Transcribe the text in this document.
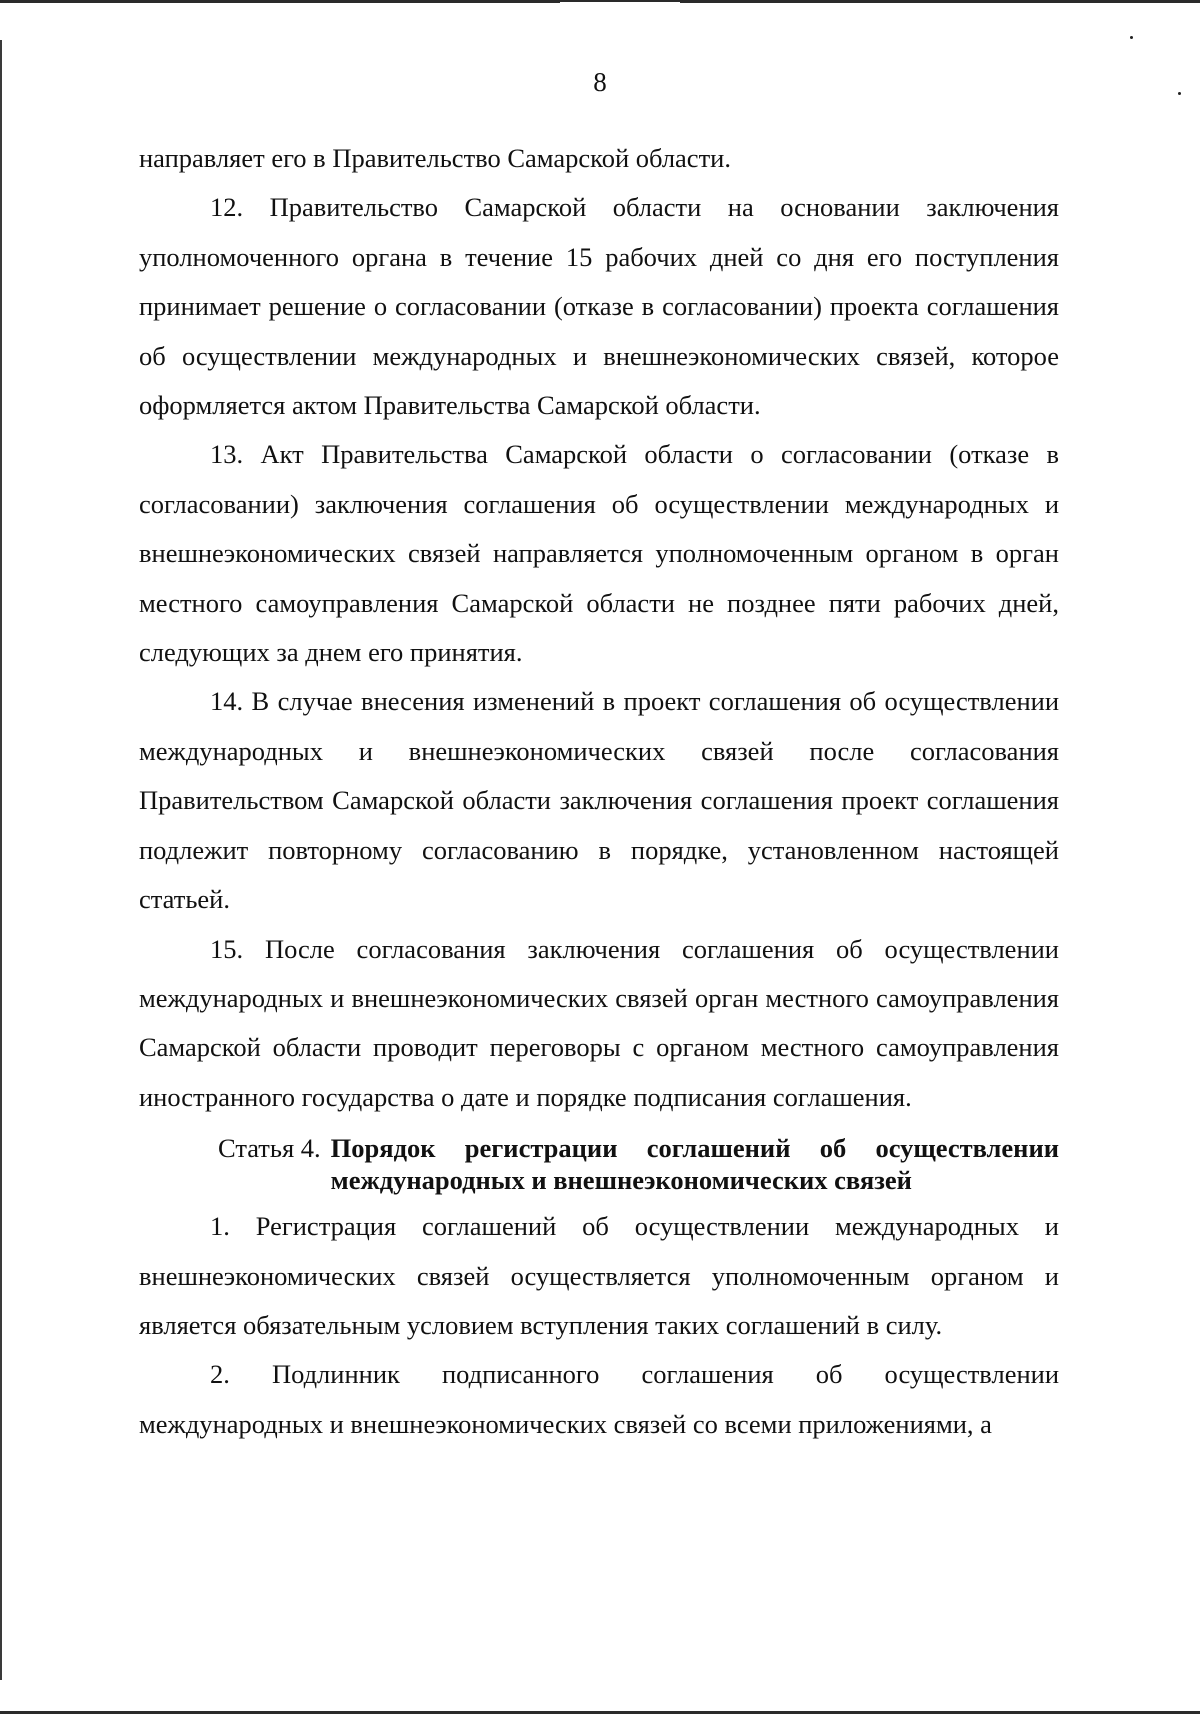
8

направляет его в Правительство Самарской области.

12. Правительство Самарской области на основании заключения уполномоченного органа в течение 15 рабочих дней со дня его поступления принимает решение о согласовании (отказе в согласовании) проекта соглашения об осуществлении международных и внешнеэкономических связей, которое оформляется актом Правительства Самарской области.

13. Акт Правительства Самарской области о согласовании (отказе в согласовании) заключения соглашения об осуществлении международных и внешнеэкономических связей направляется уполномоченным органом в орган местного самоуправления Самарской области не позднее пяти рабочих дней, следующих за днем его принятия.

14. В случае внесения изменений в проект соглашения об осуществлении международных и внешнеэкономических связей после согласования Правительством Самарской области заключения соглашения проект соглашения подлежит повторному согласованию в порядке, установленном настоящей статьей.

15. После согласования заключения соглашения об осуществлении международных и внешнеэкономических связей орган местного самоуправления Самарской области проводит переговоры с органом местного самоуправления иностранного государства о дате и порядке подписания соглашения.

Статья 4. Порядок регистрации соглашений об осуществлении международных и внешнеэкономических связей

1. Регистрация соглашений об осуществлении международных и внешнеэкономических связей осуществляется уполномоченным органом и является обязательным условием вступления таких соглашений в силу.

2. Подлинник подписанного соглашения об осуществлении международных и внешнеэкономических связей со всеми приложениями, а
